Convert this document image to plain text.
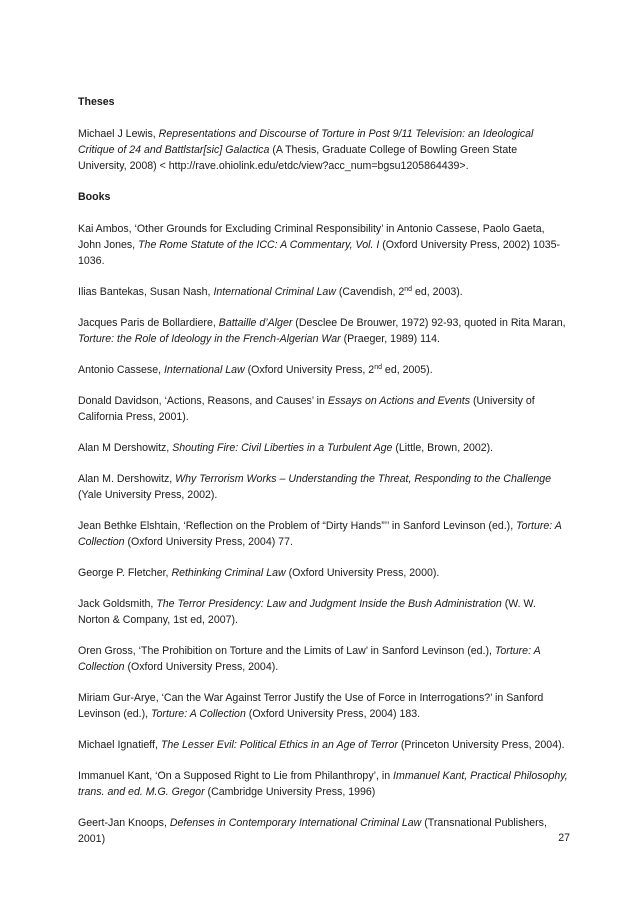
Theses

Michael J Lewis, Representations and Discourse of Torture in Post 9/11 Television: an Ideological Critique of 24 and Battlstar[sic] Galactica (A Thesis, Graduate College of Bowling Green State University, 2008) < http://rave.ohiolink.edu/etdc/view?acc_num=bgsu1205864439>.

Books

Kai Ambos, ‘Other Grounds for Excluding Criminal Responsibility’ in Antonio Cassese, Paolo Gaeta, John Jones, The Rome Statute of the ICC: A Commentary, Vol. I (Oxford University Press, 2002) 1035-1036.

Ilias Bantekas, Susan Nash, International Criminal Law (Cavendish, 2nd ed, 2003).

Jacques Paris de Bollardiere, Battaille d’Alger (Desclee De Brouwer, 1972) 92-93, quoted in Rita Maran, Torture: the Role of Ideology in the French-Algerian War (Praeger, 1989) 114.

Antonio Cassese, International Law (Oxford University Press, 2nd ed, 2005).

Donald Davidson, ‘Actions, Reasons, and Causes’ in Essays on Actions and Events (University of California Press, 2001).

Alan M Dershowitz, Shouting Fire: Civil Liberties in a Turbulent Age (Little, Brown, 2002).

Alan M. Dershowitz, Why Terrorism Works – Understanding the Threat, Responding to the Challenge (Yale University Press, 2002).

Jean Bethke Elshtain, ‘Reflection on the Problem of “Dirty Hands”’’ in Sanford Levinson (ed.), Torture: A Collection (Oxford University Press, 2004) 77.

George P. Fletcher, Rethinking Criminal Law (Oxford University Press, 2000).

Jack Goldsmith, The Terror Presidency: Law and Judgment Inside the Bush Administration (W. W. Norton & Company, 1st ed, 2007).

Oren Gross, ‘The Prohibition on Torture and the Limits of Law’ in Sanford Levinson (ed.), Torture: A Collection (Oxford University Press, 2004).

Miriam Gur-Arye, ‘Can the War Against Terror Justify the Use of Force in Interrogations?’ in Sanford Levinson (ed.), Torture: A Collection (Oxford University Press, 2004) 183.

Michael Ignatieff, The Lesser Evil: Political Ethics in an Age of Terror (Princeton University Press, 2004).

Immanuel Kant, ‘On a Supposed Right to Lie from Philanthropy’, in Immanuel Kant, Practical Philosophy, trans. and ed. M.G. Gregor (Cambridge University Press, 1996)

Geert-Jan Knoops, Defenses in Contemporary International Criminal Law (Transnational Publishers, 2001)	27
